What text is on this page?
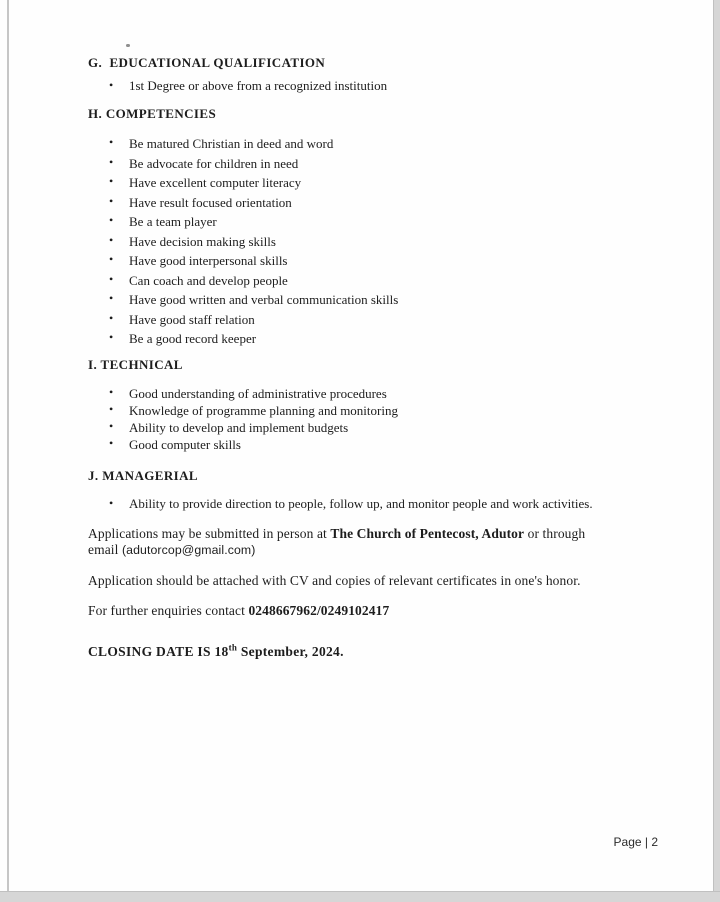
G. EDUCATIONAL QUALIFICATION

• 1st Degree or above from a recognized institution

H. COMPETENCIES

• Be matured Christian in deed and word
• Be advocate for children in need
• Have excellent computer literacy
• Have result focused orientation
• Be a team player
• Have decision making skills
• Have good interpersonal skills
• Can coach and develop people
• Have good written and verbal communication skills
• Have good staff relation
• Be a good record keeper

I. TECHNICAL

• Good understanding of administrative procedures
• Knowledge of programme planning and monitoring
• Ability to develop and implement budgets
• Good computer skills

J. MANAGERIAL

• Ability to provide direction to people, follow up, and monitor people and work activities.

Applications may be submitted in person at The Church of Pentecost, Adutor or through
email (adutorcop@gmail.com)

Application should be attached with CV and copies of relevant certificates in one's honor.

For further enquiries contact 0248667962/0249102417

CLOSING DATE IS 18th September, 2024.

Page | 2
